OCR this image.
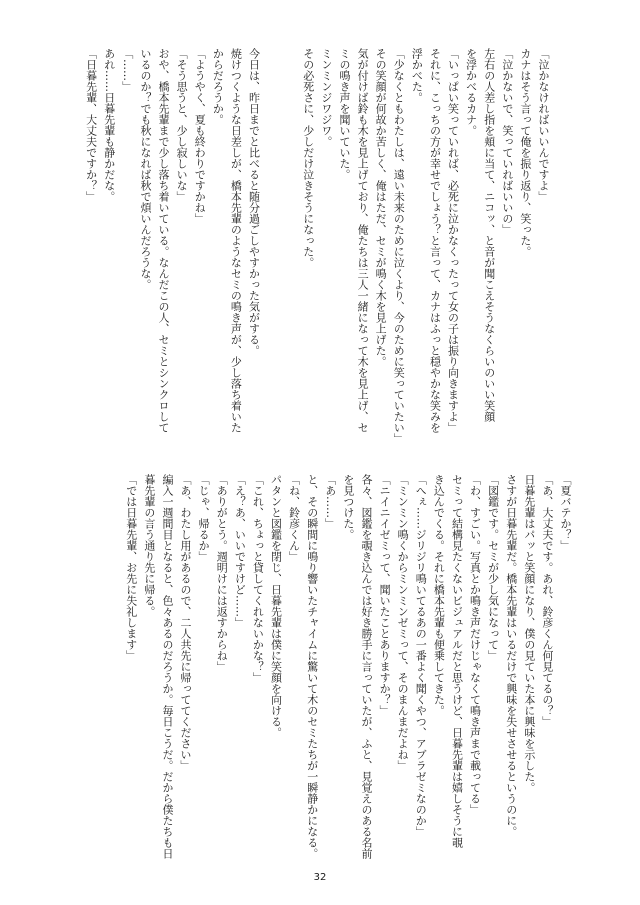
「泣かなければいいんですよ」
カナはそう言って俺を振り返り、笑った。
「泣かないで、笑っていればいいの」
左右の人差し指を頬に当て、ニコッ、と音が聞こえそうなくらいのいい笑顔
を浮かべるカナ。
「いっぱい笑っていれば、必死に泣かなくったって女の子は振り向きますよ」
それに、こっちの方が幸せでしょう？と言って、カナはふっと穏やかな笑みを
浮かべた。
「少なくともわたしは、遠い未来のために泣くより、今のために笑っていたい」
その笑顔が何故か苦しく、俺はただ、セミが鳴く木を見上げた。
気が付けば鈴も木を見上げており、俺たちは三人一緒になって木を見上げ、セ
ミの鳴き声を聞いていた。
ミンミンジワジワ。
その必死さに、少しだけ泣きそうになった。

今日は、昨日までと比べると随分過ごしやすかった気がする。
焼けつくような日差しが、橋本先輩のようなセミの鳴き声が、少し落ち着いた
からだろうか。
「ようやく、夏も終わりですかね」
「そう思うと、少し寂しいな」
おや、橋本先輩まで少し落ち着いている。なんだこの人、セミとシンクロして
いるのか？でも秋になれば秋で煩いんだろうな。
「……」
あれ……日暮先輩も静かだな。
「日暮先輩、大丈夫ですか？」
「夏バテか？」
「あ、大丈夫です。あれ、鈴彦くん何見てるの？」
日暮先輩はパッと笑顔になり、僕の見ていた本に興味を示した。
さすが日暮先輩だ。橋本先輩はいるだけで興味を失せさせるというのに。
「図鑑です。セミが少し気になって」
「わ、すごい。写真とか鳴き声だけじゃなくて鳴き声まで載ってる」
セミって結構見たくないビジュアルだと思うけど、日暮先輩は嬉しそうに覗
き込んでくる。それに橋本先輩も便乗してきた。
「へぇ……ジリジリ鳴いてるあの一番よく聞くやつ、アブラゼミなのか」
「ミンミン鳴くからミンミンゼミって、そのまんまだよね」
「ニイニイゼミって、聞いたことありますか？」
各々、図鑑を覗き込んでは好き勝手に言っていたが、ふと、見覚えのある名前
を見つけた。
「あ……」
と、その瞬間に鳴り響いたチャイムに驚いて木のセミたちが一瞬静かになる。
「ね、鈴彦くん」
パタンと図鑑を閉じ、日暮先輩は僕に笑顔を向ける。
「これ、ちょっと貸してくれないかな？」
「え？あ、いいですけど……」
「ありがとう。週明けには返すからね」
「じゃ、帰るか」
「あ、わたし用があるので、二人共先に帰っててください」
編入一週間目となると、色々あるのだろうか。毎日こうだ。だから僕たちも日
暮先輩の言う通り先に帰る。
「では日暮先輩、お先に失礼します」
32
